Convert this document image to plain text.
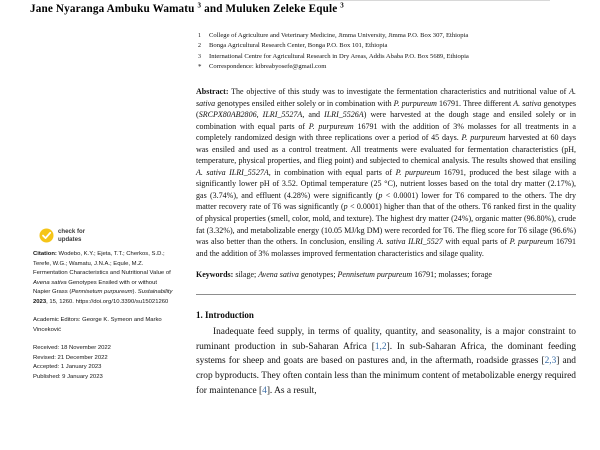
Jane Nyaranga Ambuku Wamatu $^3$ and Muluken Zeleke Equle $^3$
1	College of Agriculture and Veterinary Medicine, Jimma University, Jimma P.O. Box 307, Ethiopia
2	Bonga Agricultural Research Center, Bonga P.O. Box 101, Ethiopia
3	International Centre for Agricultural Research in Dry Areas, Addis Ababa P.O. Box 5689, Ethiopia
*	Correspondence: kibreabyosefe@gmail.com
check for
updates
Citation: Wodebo, K.Y.; Ejeta, T.T.; Cherkos, S.D.; Terefe, W.G.; Wamatu, J.N.A.; Equle, M.Z. Fermentation Characteristics and Nutritional Value of Avena sativa Genotypes Ensiled with or without Napier Grass (Pennisetum purpureum). Sustainability 2023, 15, 1260. https://doi.org/10.3390/su15021260
Academic Editors: George K. Symeon and Marko Vinceković
Received: 18 November 2022
Revised: 21 December 2022
Accepted: 1 January 2023
Published: 9 January 2023
Abstract: The objective of this study was to investigate the fermentation characteristics and nutritional value of A. sativa genotypes ensiled either solely or in combination with P. purpureum 16791. Three different A. sativa genotypes (SRCPX80AB2806, ILRI_5527A, and ILRI_5526A) were harvested at the dough stage and ensiled solely or in combination with equal parts of P. purpureum 16791 with the addition of 3% molasses for all treatments in a completely randomized design with three replications over a period of 45 days. P. purpureum harvested at 60 days was ensiled and used as a control treatment. All treatments were evaluated for fermentation characteristics (pH, temperature, physical properties, and flieg point) and subjected to chemical analysis. The results showed that ensiling A. sativa ILRI_5527A, in combination with equal parts of P. purpureum 16791, produced the best silage with a significantly lower pH of 3.52. Optimal temperature (25 °C), nutrient losses based on the total dry matter (2.17%), gas (3.74%), and effluent (4.28%) were significantly (p < 0.0001) lower for T6 compared to the others. The dry matter recovery rate of T6 was significantly (p < 0.0001) higher than that of the others. T6 ranked first in the quality of physical properties (smell, color, mold, and texture). The highest dry matter (24%), organic matter (96.80%), crude fat (3.32%), and metabolizable energy (10.05 MJ/kg DM) were recorded for T6. The flieg score for T6 silage (96.6%) was also better than the others. In conclusion, ensiling A. sativa ILRI_5527 with equal parts of P. purpureum 16791 and the addition of 3% molasses improved fermentation characteristics and silage quality.
Keywords: silage; Avena sativa genotypes; Pennisetum purpureum 16791; molasses; forage
1. Introduction

Inadequate feed supply, in terms of quality, quantity, and seasonality, is a major constraint to ruminant production in sub-Saharan Africa [1,2]. In sub-Saharan Africa, the dominant feeding systems for sheep and goats are based on pastures and, in the aftermath, roadside grasses [2,3] and crop byproducts. They often contain less than the minimum content of metabolizable energy required for maintenance [4]. As a result,
